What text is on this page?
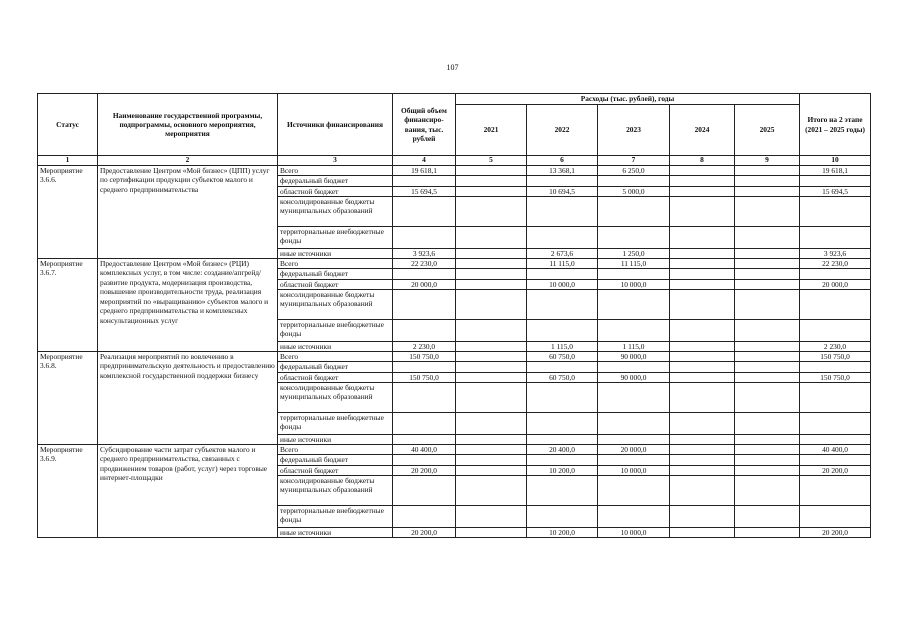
107
Статус	Наименование государственной программы, подпрограммы, основного мероприятия, мероприятия	Источники финансирования	Общий объем финансиро-вания, тыс. рублей	Расходы (тыс. рублей), годы					Итого на 2 этапе (2021 – 2025 годы)
				2021	2022	2023	2024	2025	
1	2	3	4	5	6	7	8	9	10
Мероприятие 3.6.6.	Предоставление Центром «Мой бизнес» (ЦПП) услуг по сертификации продукции субъектов малого и среднего предпринимательства	Всего	19 618,1		13 368,1	6 250,0			19 618,1
		федеральный бюджет							
		областной бюджет	15 694,5		10 694,5	5 000,0			15 694,5
		консолидированные бюджеты муниципальных образований							
		территориальные внебюджетные фонды							
		иные источники	3 923,6		2 673,6	1 250,0			3 923,6
Мероприятие 3.6.7.	Предоставление Центром «Мой бизнес» (РЦИ) комплексных услуг, в том числе: создание/апгрейд/развитие продукта, модернизация производства, повышение производительности труда, реализация мероприятий по «выращиванию» субъектов малого и среднего предпринимательства и комплексных консультационных услуг	Всего	22 230,0		11 115,0	11 115,0			22 230,0
		федеральный бюджет							
		областной бюджет	20 000,0		10 000,0	10 000,0			20 000,0
		консолидированные бюджеты муниципальных образований							
		территориальные внебюджетные фонды							
		иные источники	2 230,0		1 115,0	1 115,0			2 230,0
Мероприятие 3.6.8.	Реализация мероприятий по вовлечению в предпринимательскую деятельность и предоставлению комплексной государственной поддержки бизнесу	Всего	150 750,0		60 750,0	90 000,0			150 750,0
		федеральный бюджет							
		областной бюджет	150 750,0		60 750,0	90 000,0			150 750,0
		консолидированные бюджеты муниципальных образований							
		территориальные внебюджетные фонды							
		иные источники							
Мероприятие 3.6.9.	Субсидирование части затрат субъектов малого и среднего предпринимательства, связанных с продвижением товаров (работ, услуг) через торговые интернет-площадки	Всего	40 400,0		20 400,0	20 000,0			40 400,0
		федеральный бюджет							
		областной бюджет	20 200,0		10 200,0	10 000,0			20 200,0
		консолидированные бюджеты муниципальных образований							
		территориальные внебюджетные фонды							
		иные источники	20 200,0		10 200,0	10 000,0			20 200,0
